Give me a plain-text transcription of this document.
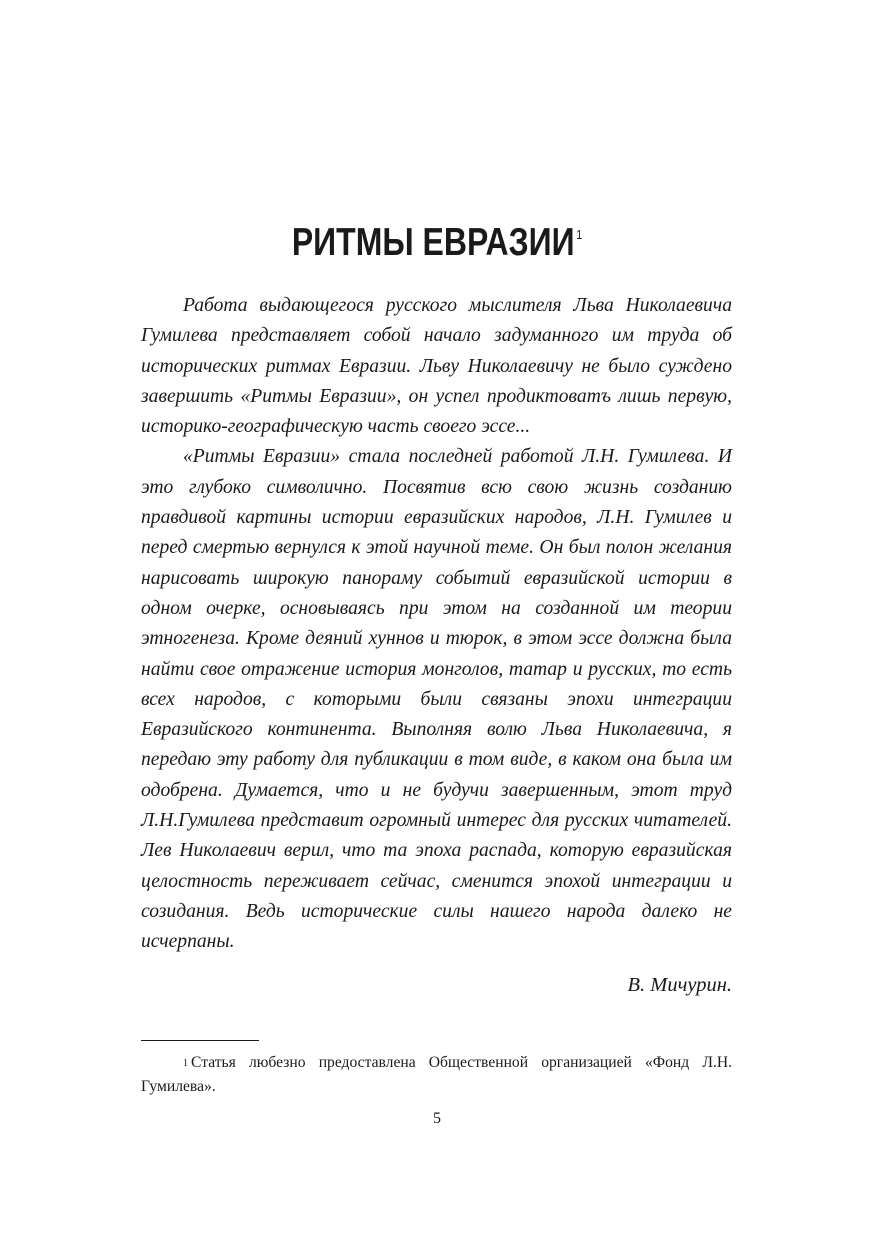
РИТМЫ ЕВРАЗИИ $^1$

Работа выдающегося русского мыслителя Льва Николаевича Гумилева представляет собой начало задуманного им труда об исторических ритмах Евразии. Льву Николаевичу не было суждено завершить «Ритмы Евразии», он успел продиктоватъ лишь первую, историко-географическую часть своего эссе...

«Ритмы Евразии» стала последней работой Л.Н. Гумилева. И это глубоко символично. Посвятив всю свою жизнь созданию правдивой картины истории евразийских народов, Л.Н. Гумилев и перед смертью вернулся к этой научной теме. Он был полон желания нарисовать широкую панораму событий евразийской истории в одном очерке, основываясь при этом на созданной им теории этногенеза. Кроме деяний хуннов и тюрок, в этом эссе должна была найти свое отражение история монголов, татар и русских, то есть всех народов, с которыми были связаны эпохи интеграции Евразийского континента. Выполняя волю Льва Николаевича, я передаю эту работу для публикации в том виде, в каком она была им одобрена. Думается, что и не будучи завершенным, этот труд Л.Н.Гумилева представит огромный интерес для русских читателей. Лев Николаевич верил, что та эпоха распада, которую евразийская целостность переживает сейчас, сменится эпохой интеграции и созидания. Ведь исторические силы нашего народа далеко не исчерпаны.

В. Мичурин.

$^1$ Статья любезно предоставлена Общественной организацией «Фонд Л.Н. Гумилева».

5
